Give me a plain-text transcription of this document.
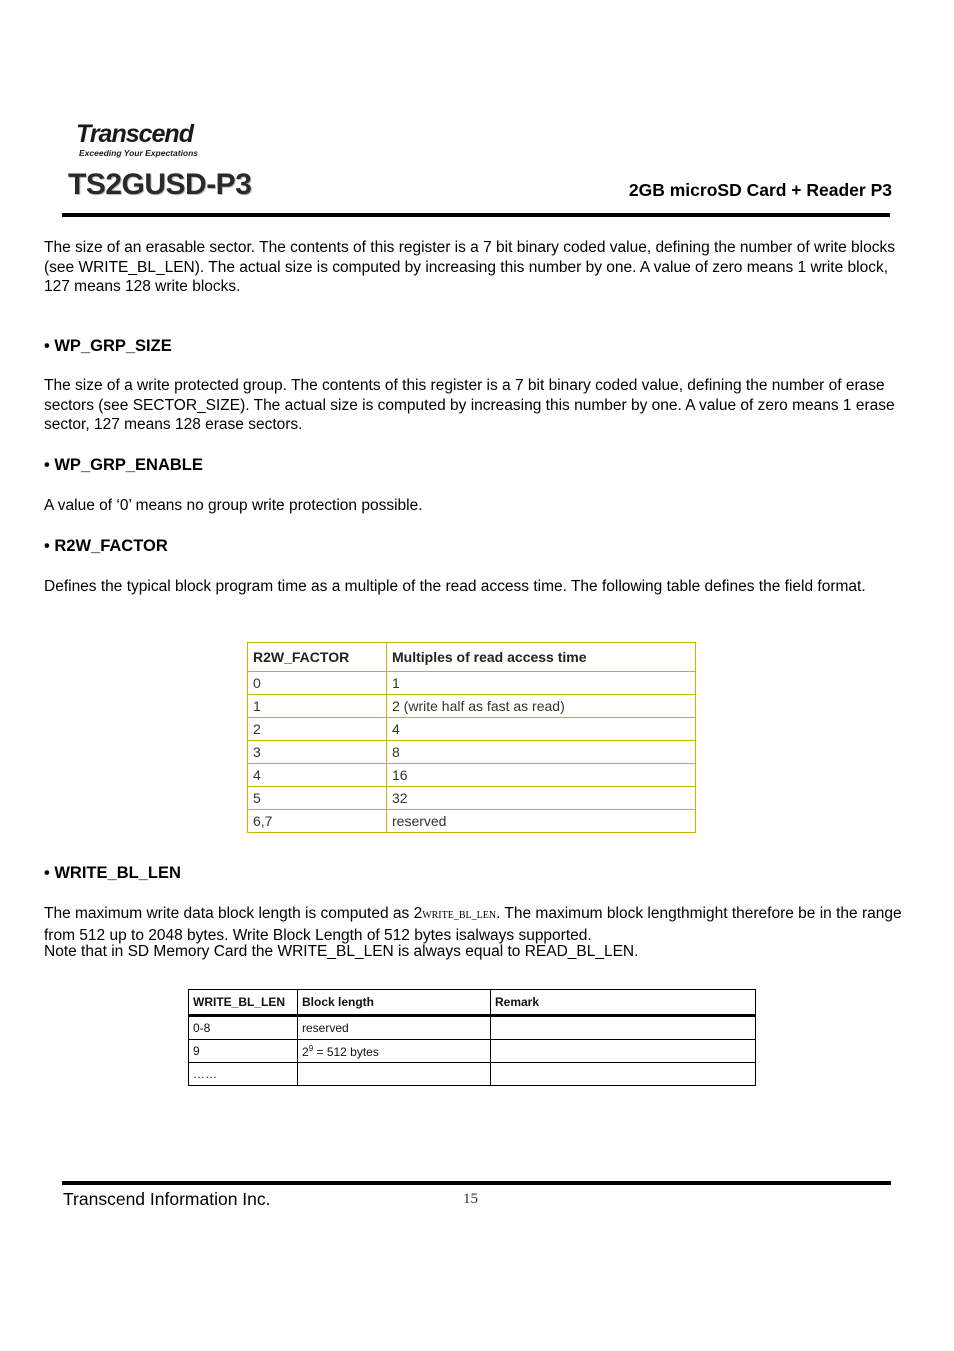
Transcend
Exceeding Your Expectations
TS2GUSD-P3	2GB microSD Card + Reader P3
The size of an erasable sector. The contents of this register is a 7 bit binary coded value, defining the number of write blocks (see WRITE_BL_LEN). The actual size is computed by increasing this number by one. A value of zero means 1 write block, 127 means 128 write blocks.
• WP_GRP_SIZE
The size of a write protected group. The contents of this register is a 7 bit binary coded value, defining the number of erase sectors (see SECTOR_SIZE). The actual size is computed by increasing this number by one. A value of zero means 1 erase sector, 127 means 128 erase sectors.
• WP_GRP_ENABLE
A value of ‘0’ means no group write protection possible.
• R2W_FACTOR
Defines the typical block program time as a multiple of the read access time. The following table defines the field format.
R2W_FACTOR	Multiples of read access time
0	1
1	2 (write half as fast as read)
2	4
3	8
4	16
5	32
6,7	reserved
• WRITE_BL_LEN
The maximum write data block length is computed as 2WRITE_BL_LEN. The maximum block lengthmight therefore be in the range from 512 up to 2048 bytes. Write Block Length of 512 bytes isalways supported.
Note that in SD Memory Card the WRITE_BL_LEN is always equal to READ_BL_LEN.
WRITE_BL_LEN	Block length	Remark
0-8	reserved	
9	$2^9 = 512$ bytes	
……		
Transcend Information Inc.	15
